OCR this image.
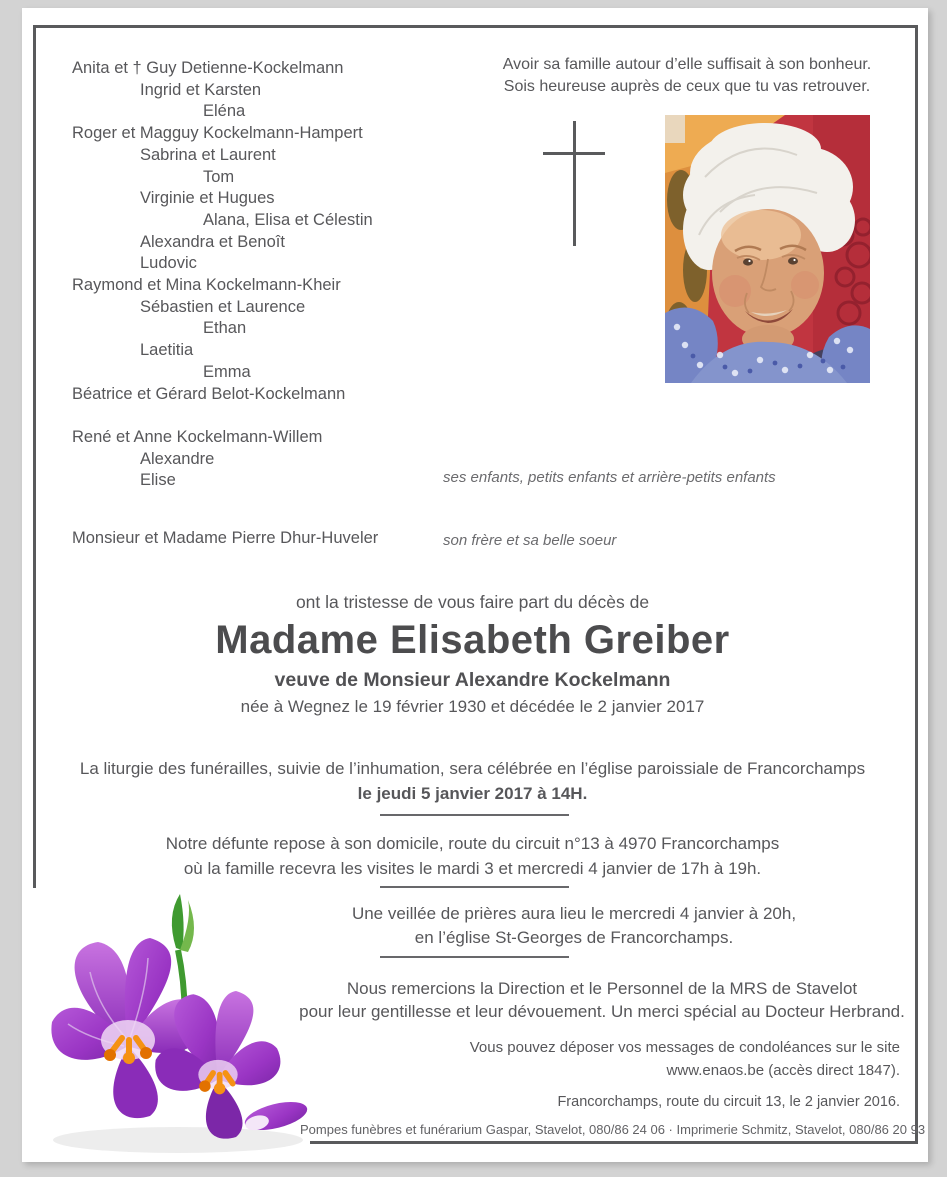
Avoir sa famille autour d’elle suffisait à son bonheur.
Sois heureuse auprès de ceux que tu vas retrouver.
Anita et † Guy Detienne-Kockelmann
Ingrid et Karsten
Eléna
Roger et Magguy Kockelmann-Hampert
Sabrina et Laurent
Tom
Virginie et Hugues
Alana, Elisa et Célestin
Alexandra et Benoît
Ludovic
Raymond et Mina Kockelmann-Kheir
Sébastien et Laurence
Ethan
Laetitia
Emma
Béatrice et Gérard Belot-Kockelmann
René et Anne Kockelmann-Willem
Alexandre
Elise	ses enfants, petits enfants et arrière-petits enfants
Monsieur et Madame Pierre Dhur-Huveler	son frère et sa belle soeur
ont la tristesse de vous faire part du décès de
Madame Elisabeth Greiber
veuve de Monsieur Alexandre Kockelmann
née à Wegnez le 19 février 1930 et décédée le 2 janvier 2017
La liturgie des funérailles, suivie de l’inhumation, sera célébrée en l’église paroissiale de Francorchamps
le jeudi 5 janvier 2017 à 14H.
Notre défunte repose à son domicile, route du circuit n°13 à 4970 Francorchamps
où la famille recevra les visites le mardi 3 et mercredi 4 janvier de 17h à 19h.
Une veillée de prières aura lieu le mercredi 4 janvier à 20h,
en l’église St-Georges de Francorchamps.
Nous remercions la Direction et le Personnel de la MRS de Stavelot
pour leur gentillesse et leur dévouement. Un merci spécial au Docteur Herbrand.
Vous pouvez déposer vos messages de condoléances sur le site
www.enaos.be (accès direct 1847).
Francorchamps, route du circuit 13, le 2 janvier 2016.
Pompes funèbres et funérarium Gaspar, Stavelot, 080/86 24 06 · Imprimerie Schmitz, Stavelot, 080/86 20 93
